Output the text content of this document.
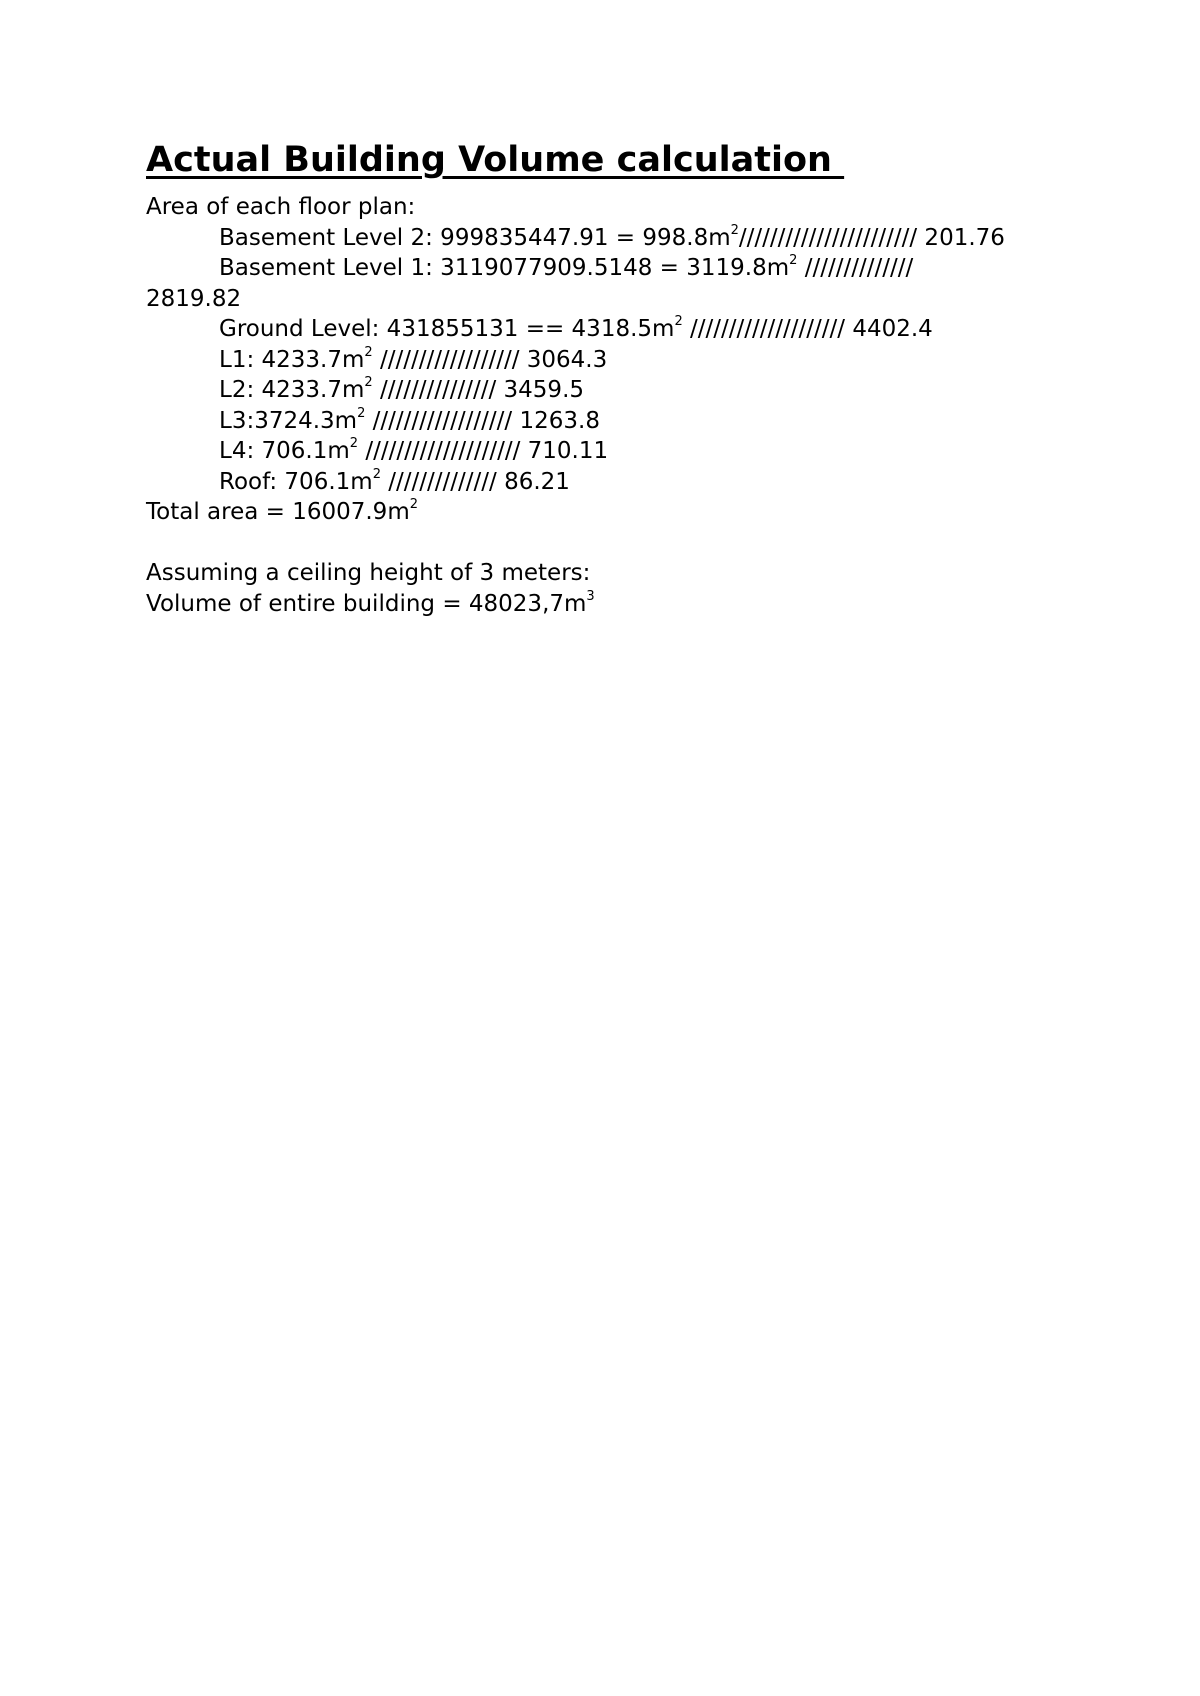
Actual Building Volume calculation
Area of each floor plan:
Basement Level 2: $999835447.91 = 998.8m^2///////////////////////$ 201.76
Basement Level 1: $3119077909.5148 = 3119.8m^2$ //////////////
2819.82
Ground Level: $431855131 == 4318.5m^2$ //////////////////// 4402.4
L1: $4233.7m^2$ ////////////////// 3064.3
L2: $4233.7m^2$ /////////////// 3459.5
$L3:3724.3m^2$ ////////////////// 1263.8
L4: $706.1m^2$ //////////////////// 710.11
Roof: $706.1m^2$ ////////////// 86.21
Total area = $16007.9m^2$
Assuming a ceiling height of 3 meters:
Volume of entire building = $48023,7m^3$
